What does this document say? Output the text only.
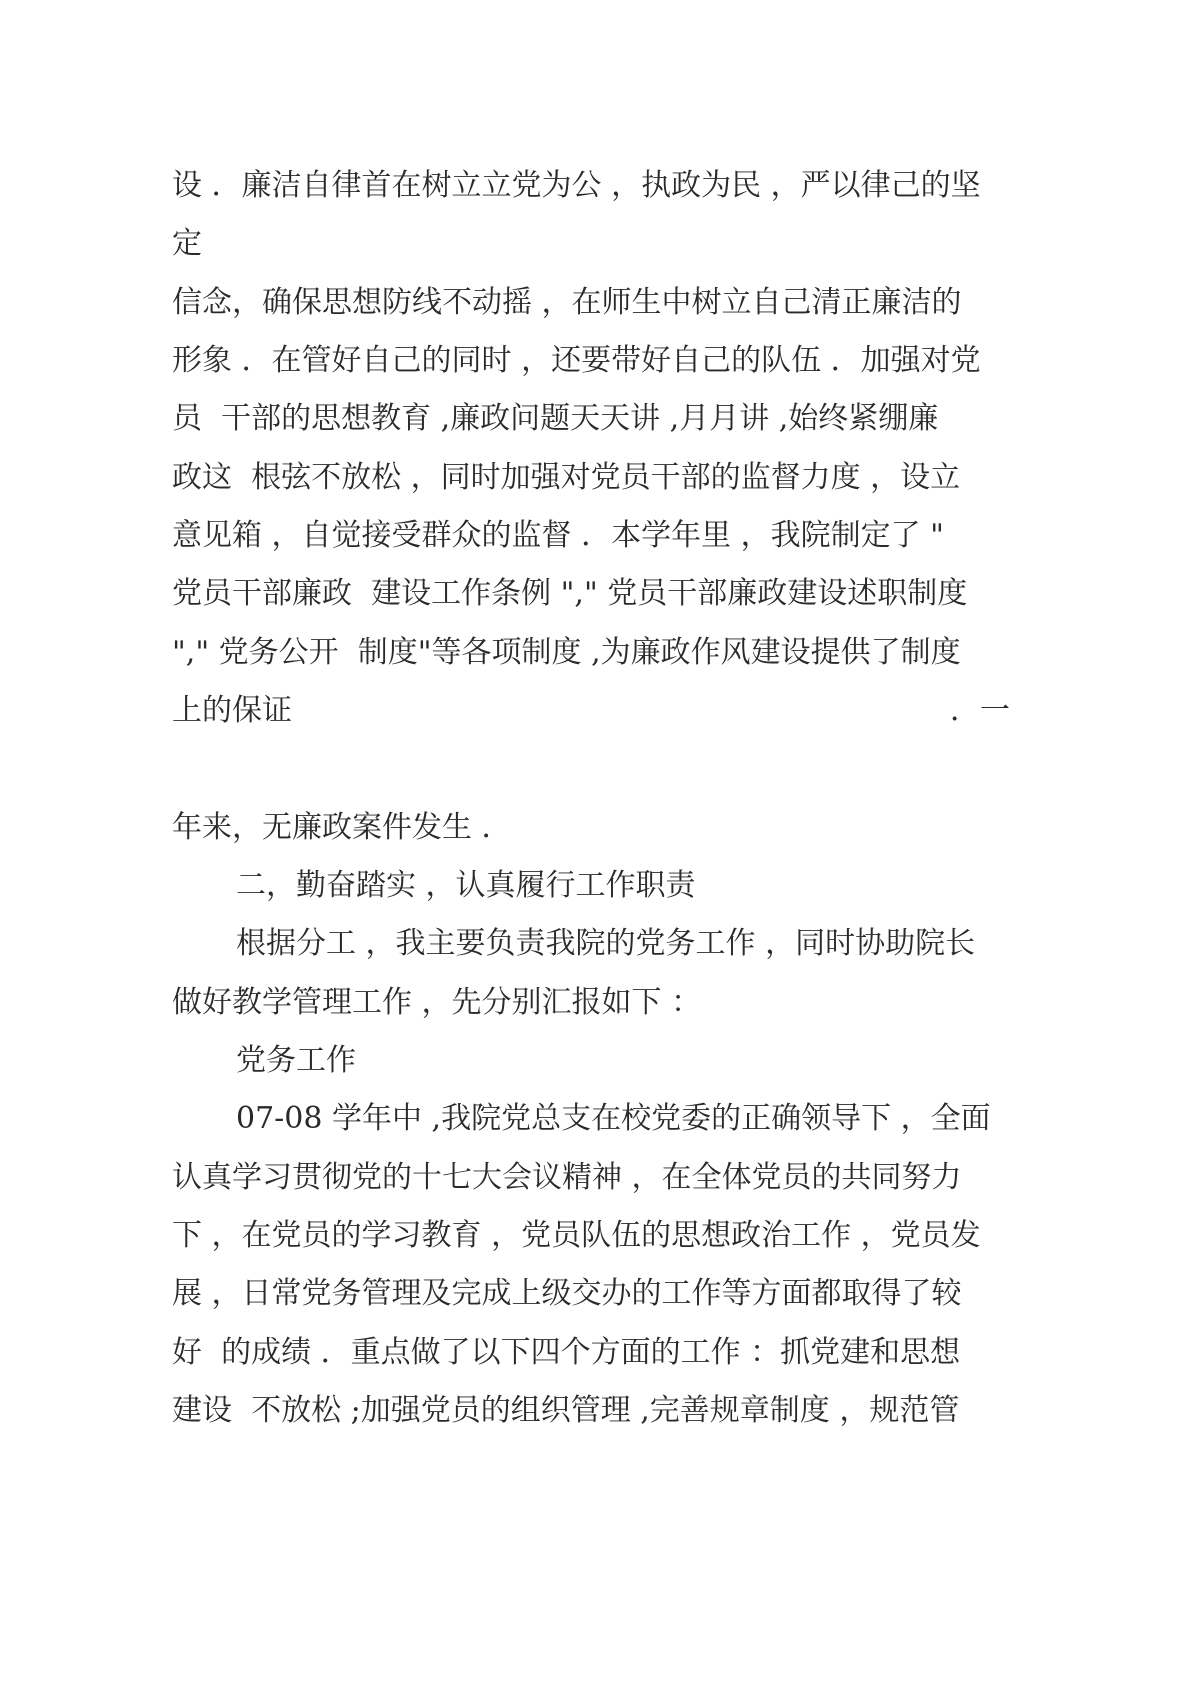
设 ．廉洁自律首在树立立党为公 ，执政为民 ，严以律己的坚
定
信念，确保思想防线不动摇 ，在师生中树立自己清正廉洁的
形象 ．在管好自己的同时 ，还要带好自己的队伍 ．加强对党
员  干部的思想教育 ,廉政问题天天讲 ,月月讲 ,始终紧绷廉
政这  根弦不放松 ，同时加强对党员干部的监督力度 ，设立
意见箱 ，自觉接受群众的监督 ．本学年里 ，我院制定了 "
党员干部廉政  建设工作条例 "," 党员干部廉政建设述职制度
"," 党务公开  制度"等各项制度 ,为廉政作风建设提供了制度
上的保证	．一
年来，无廉政案件发生 ．
二，勤奋踏实 ，认真履行工作职责
根据分工 ，我主要负责我院的党务工作 ，同时协助院长
做好教学管理工作 ，先分别汇报如下 ：
党务工作
07-08 学年中 ,我院党总支在校党委的正确领导下 ，全面
认真学习贯彻党的十七大会议精神 ，在全体党员的共同努力
下 ，在党员的学习教育 ，党员队伍的思想政治工作 ，党员发
展 ，日常党务管理及完成上级交办的工作等方面都取得了较
好  的成绩 ．重点做了以下四个方面的工作 ：抓党建和思想
建设  不放松 ;加强党员的组织管理 ,完善规章制度 ，规范管
